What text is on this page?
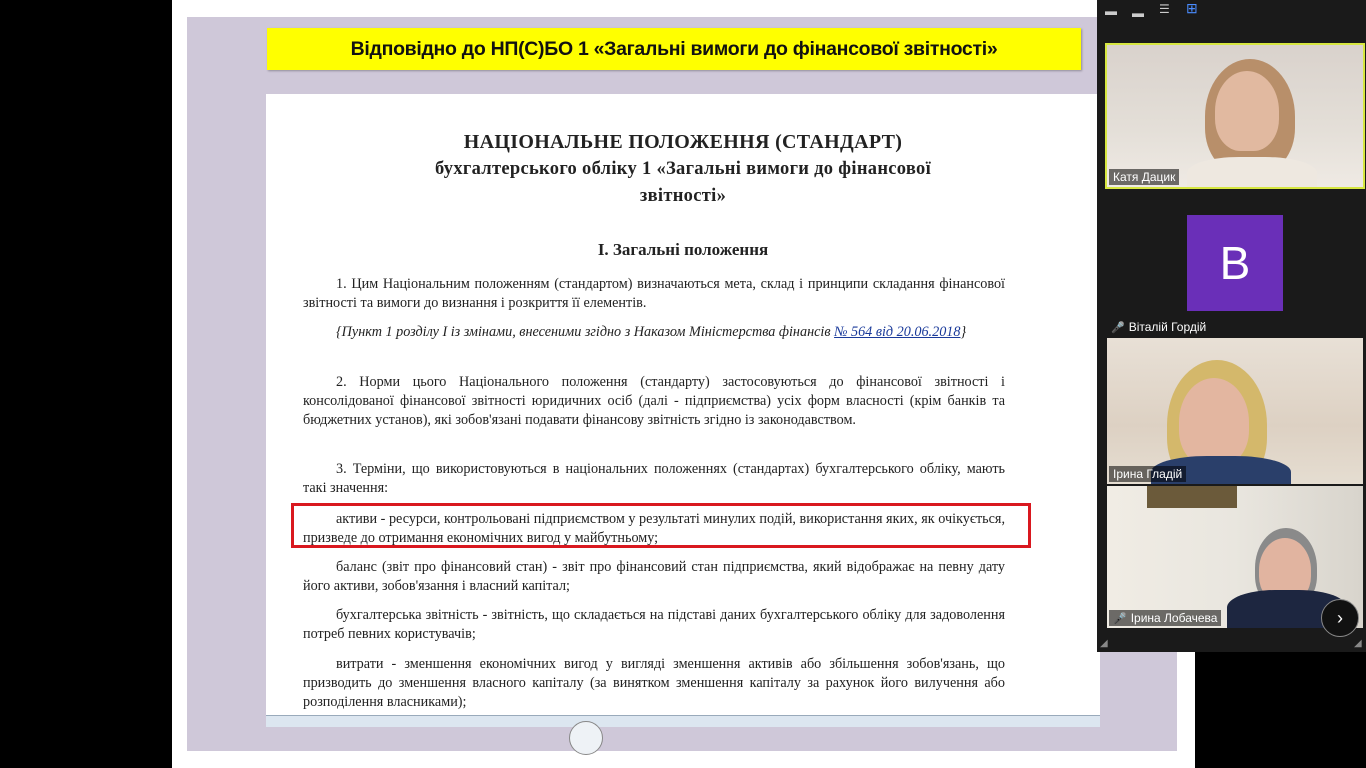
Відповідно до НП(С)БО 1 «Загальні вимоги до фінансової звітності»
НАЦІОНАЛЬНЕ ПОЛОЖЕННЯ (СТАНДАРТ)
бухгалтерського обліку 1 «Загальні вимоги до фінансової
звітності»
I. Загальні положення

1. Цим Національним положенням (стандартом) визначаються мета, склад і принципи складання фінансової звітності та вимоги до визнання і розкриття її елементів.

{Пункт 1 розділу I із змінами, внесеними згідно з Наказом Міністерства фінансів № 564 від 20.06.2018}

2. Норми цього Національного положення (стандарту) застосовуються до фінансової звітності і консолідованої фінансової звітності юридичних осіб (далі - підприємства) усіх форм власності (крім банків та бюджетних установ), які зобов'язані подавати фінансову звітність згідно із законодавством.

3. Терміни, що використовуються в національних положеннях (стандартах) бухгалтерського обліку, мають такі значення:

активи - ресурси, контрольовані підприємством у результаті минулих подій, використання яких, як очікується, призведе до отримання економічних вигод у майбутньому;

баланс (звіт про фінансовий стан) - звіт про фінансовий стан підприємства, який відображає на певну дату його активи, зобов'язання і власний капітал;

бухгалтерська звітність - звітність, що складається на підставі даних бухгалтерського обліку для задоволення потреб певних користувачів;

витрати - зменшення економічних вигод у вигляді зменшення активів або збільшення зобов'язань, що призводить до зменшення власного капіталу (за винятком зменшення капіталу за рахунок його вилучення або розподілення власниками);

▬ ▬ ☰ ⊞
Катя Дацик
В
🎤 Віталій Гордій
Ірина Гладій
🎤 Ірина Лобачева	›
◢	◢
